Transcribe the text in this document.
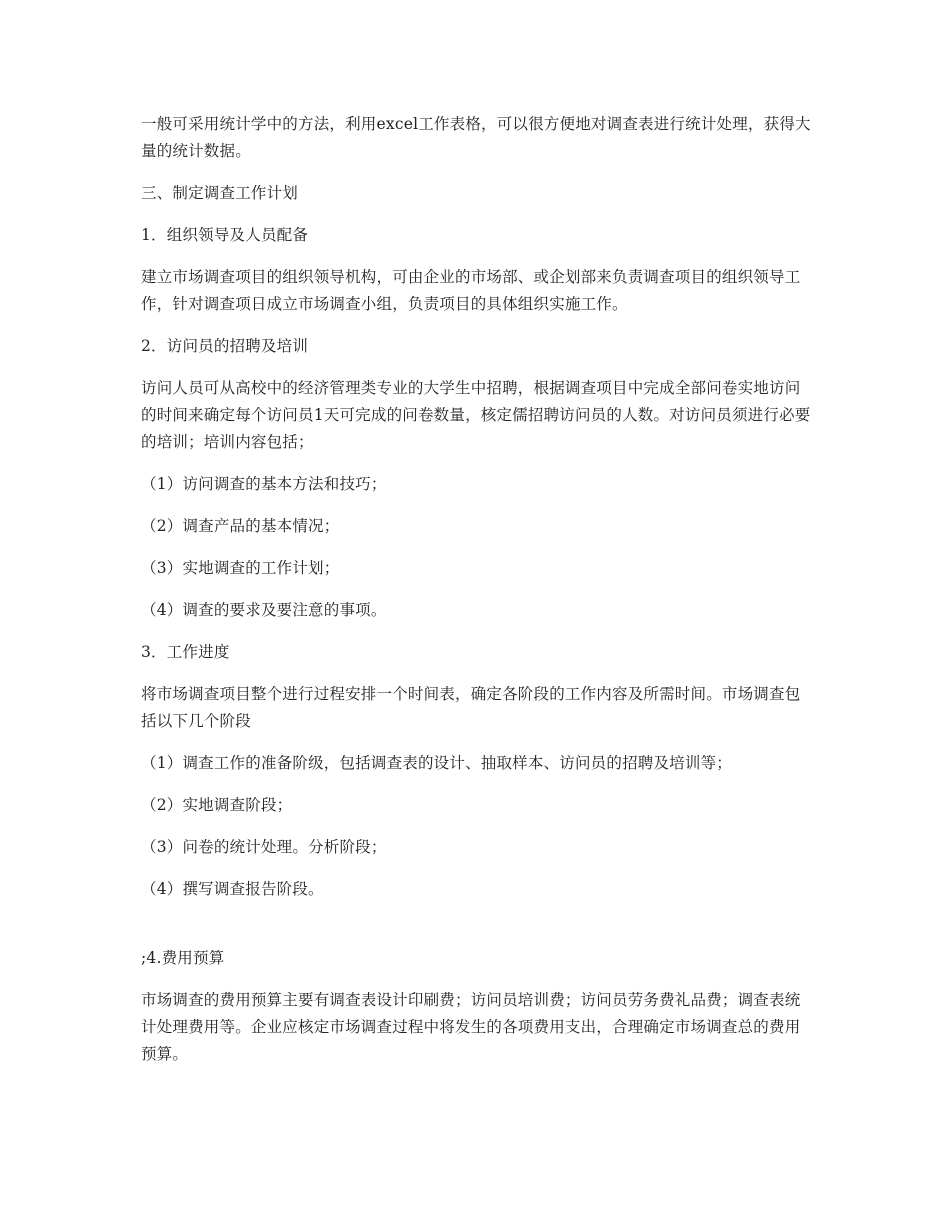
一般可采用统计学中的方法，利用excel工作表格，可以很方便地对调查表进行统计处理，获得大量的统计数据。

三、制定调查工作计划

1．组织领导及人员配备

建立市场调查项目的组织领导机构，可由企业的市场部、或企划部来负责调查项目的组织领导工作，针对调查项日成立市场调查小组，负责项目的具体组织实施工作。

2．访问员的招聘及培训

访问人员可从高校中的经济管理类专业的大学生中招聘，根据调查项目中完成全部问卷实地访问的时间来确定每个访问员1天可完成的问卷数量，核定儒招聘访问员的人数。对访问员须进行必要的培训；培训内容包括；

（1）访问调查的基本方法和技巧；

（2）调查产品的基本情况；

（3）实地调查的工作计划；

（4）调查的要求及要注意的事项。

3．工作进度

将市场调查项目整个进行过程安排一个时间表，确定各阶段的工作内容及所需时间。市场调查包括以下几个阶段

（1）调查工作的准备阶级，包括调查表的设计、抽取样本、访问员的招聘及培训等；

（2）实地调查阶段；

（3）问卷的统计处理。分析阶段；

（4）撰写调查报告阶段。

;4.费用预算

市场调查的费用预算主要有调查表设计印刷费；访问员培训费；访问员劳务费礼品费；调查表统计处理费用等。企业应核定市场调查过程中将发生的各项费用支出，合理确定市场调查总的费用预算。
